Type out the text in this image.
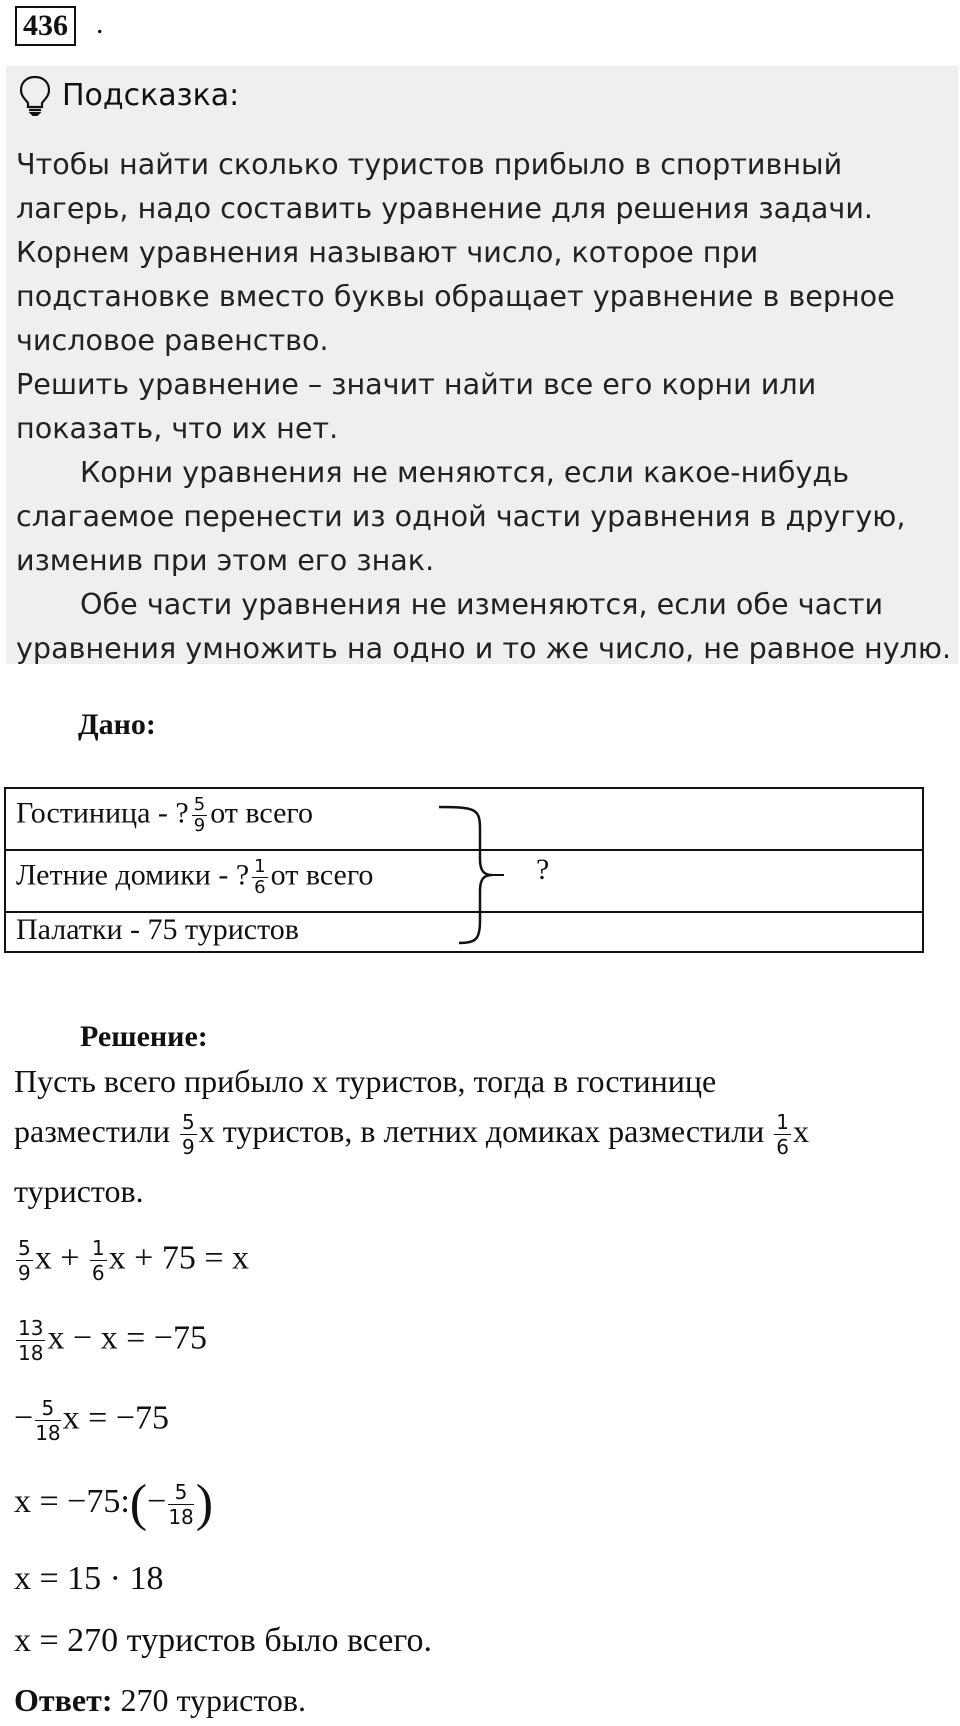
436 .
Подсказка:
Чтобы найти сколько туристов прибыло в спортивный лагерь, надо составить уравнение для решения задачи. Корнем уравнения называют число, которое при подстановке вместо буквы обращает уравнение в верное числовое равенство.
Решить уравнение – значит найти все его корни или показать, что их нет.
Корни уравнения не меняются, если какое-нибудь слагаемое перенести из одной части уравнения в другую, изменив при этом его знак.
Обе части уравнения не изменяются, если обе части уравнения умножить на одно и то же число, не равное нулю.
Дано:
Гостиница - ? $\frac{5}{9}$ от всего
Летние домики - ? $\frac{1}{6}$ от всего
Палатки - 75 туристов
?
Решение:
Пусть всего прибыло х туристов, тогда в гостинице
разместили $\frac{5}{9}$ х туристов, в летних домиках разместили $\frac{1}{6}$ х
туристов.
$\frac{5}{9}$ $х + \frac{1}{6}$ х + 75 = х
$\frac{13}{18}$ х − х = −75
− $\frac{5}{18}$ х = −75
х = −75:(− $\frac{5}{18}$ )
х = 15 · 18
х = 270 туристов было всего.
Ответ: 270 туристов.
